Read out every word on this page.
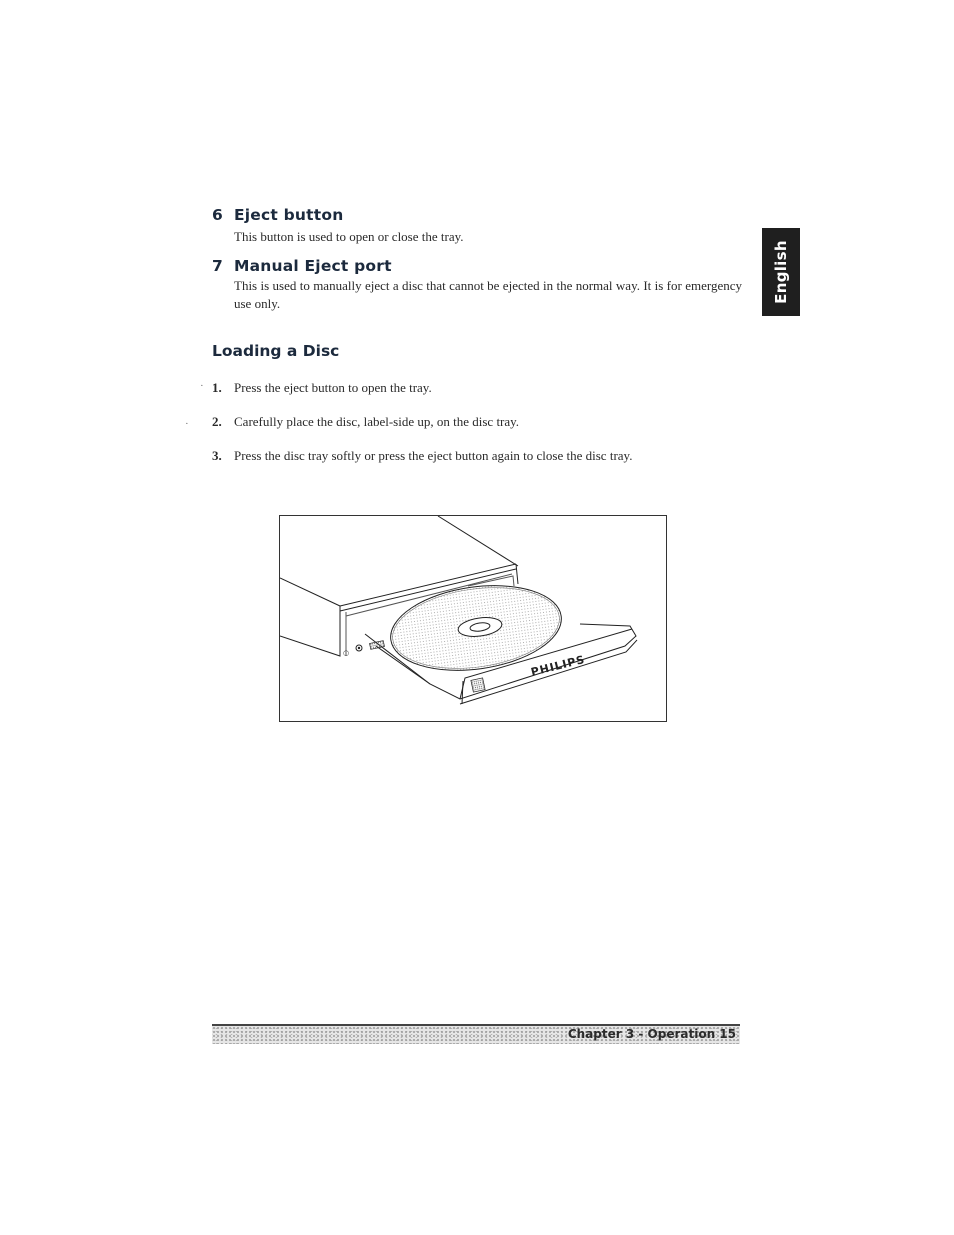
English
6 Eject button

This button is used to open or close the tray.

7 Manual Eject port

This is used to manually eject a disc that cannot be ejected in the normal way. It is for emergency use only.

Loading a Disc
·
·
1. Press the eject button to open the tray.
2. Carefully place the disc, label-side up, on the disc tray.
3. Press the disc tray softly or press the eject button again to close the disc tray.
○	PHILIPS
Chapter 3 - Operation 15
